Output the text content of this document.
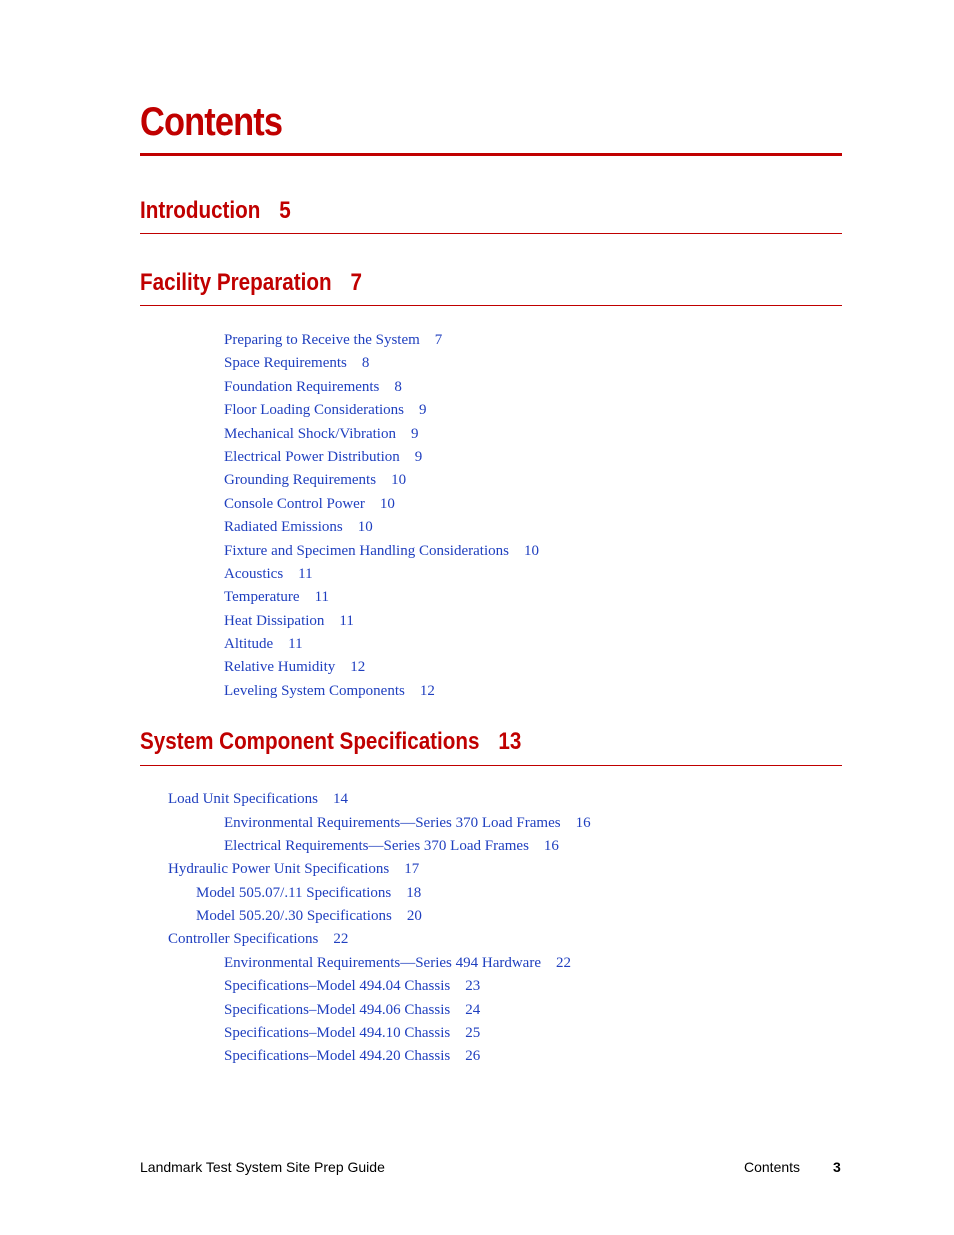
Contents
Introduction 5
Facility Preparation 7
Preparing to Receive the System 7
Space Requirements 8
Foundation Requirements 8
Floor Loading Considerations 9
Mechanical Shock/Vibration 9
Electrical Power Distribution 9
Grounding Requirements 10
Console Control Power 10
Radiated Emissions 10
Fixture and Specimen Handling Considerations 10
Acoustics 11
Temperature 11
Heat Dissipation 11
Altitude 11
Relative Humidity 12
Leveling System Components 12
System Component Specifications 13
Load Unit Specifications 14
Environmental Requirements—Series 370 Load Frames 16
Electrical Requirements—Series 370 Load Frames 16
Hydraulic Power Unit Specifications 17
Model 505.07/.11 Specifications 18
Model 505.20/.30 Specifications 20
Controller Specifications 22
Environmental Requirements—Series 494 Hardware 22
Specifications–Model 494.04 Chassis 23
Specifications–Model 494.06 Chassis 24
Specifications–Model 494.10 Chassis 25
Specifications–Model 494.20 Chassis 26
Landmark Test System Site Prep Guide	Contents 3
